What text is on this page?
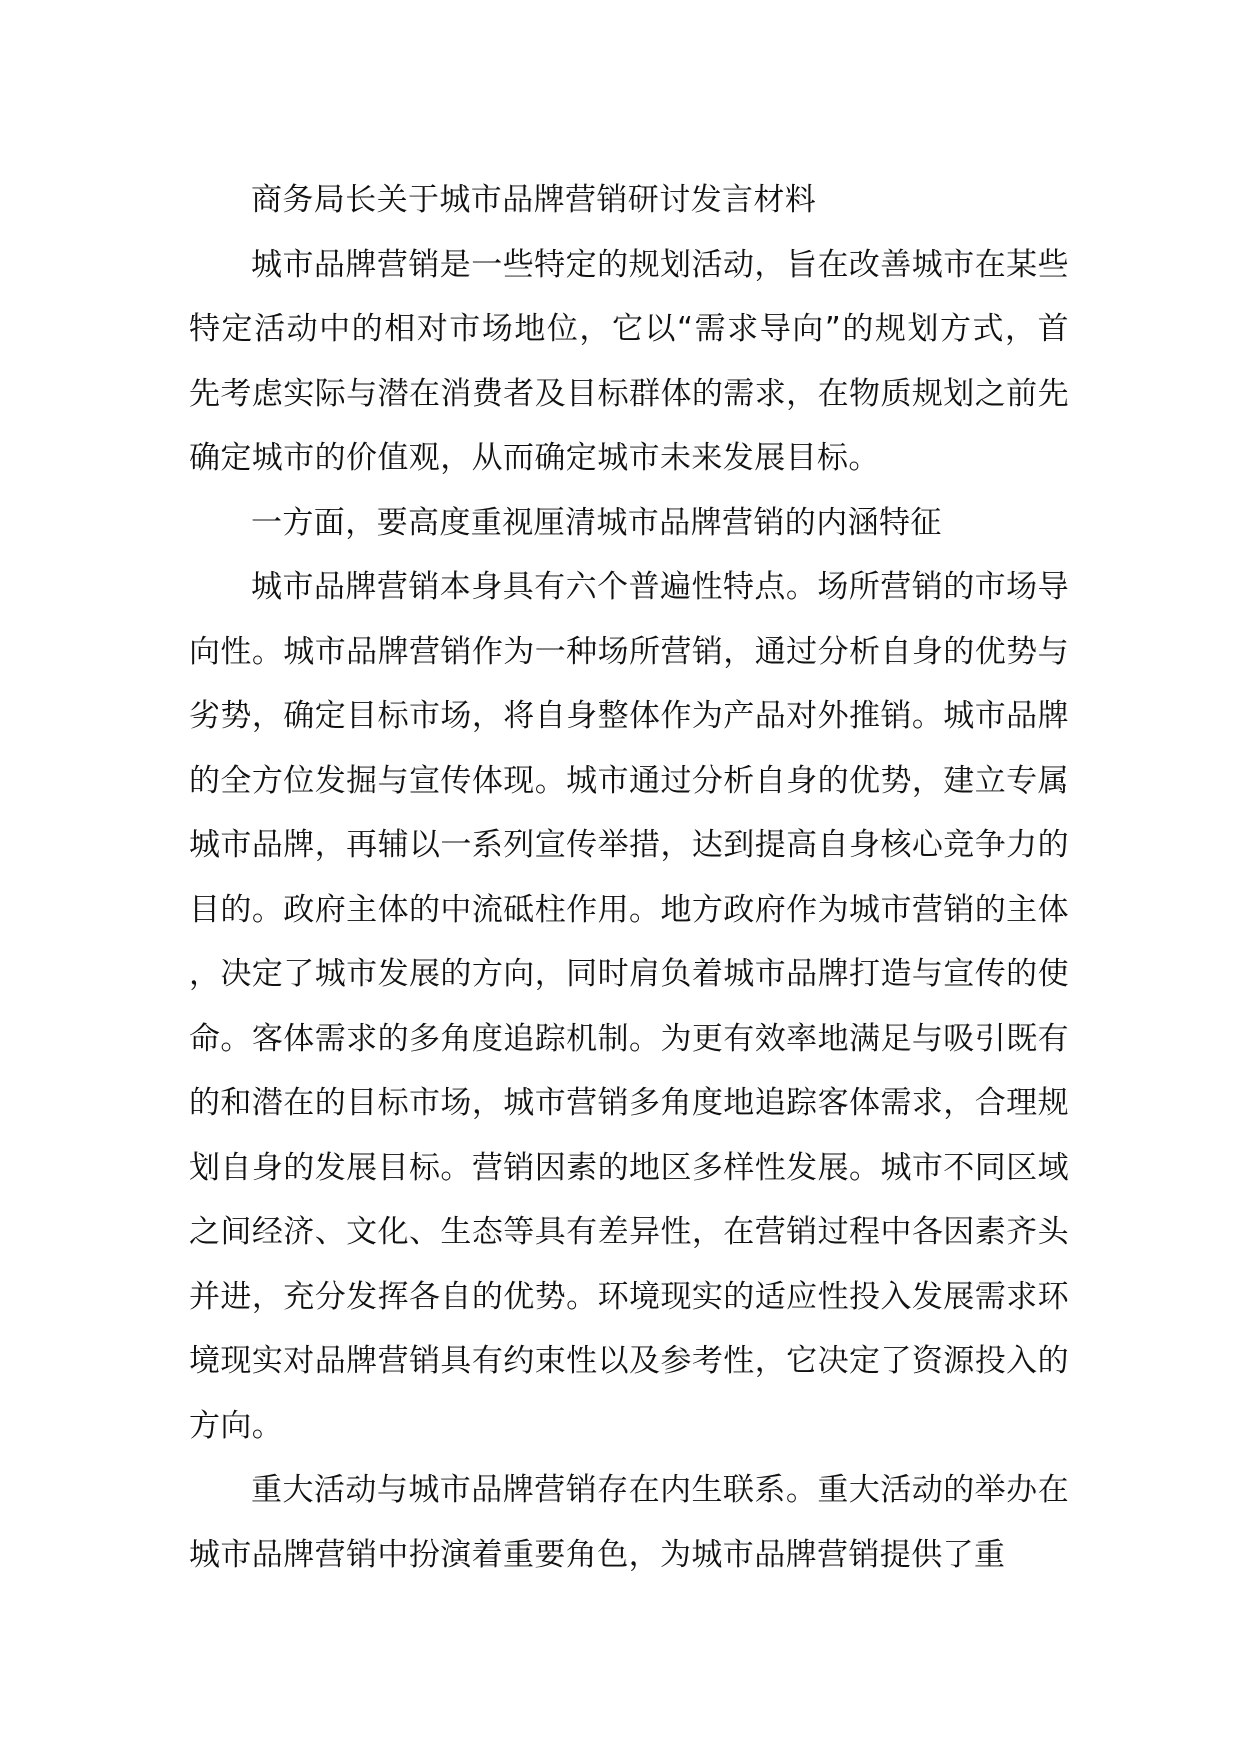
商务局长关于城市品牌营销研讨发言材料

城市品牌营销是一些特定的规划活动，旨在改善城市在某些特定活动中的相对市场地位，它以“需求导向”的规划方式，首先考虑实际与潜在消费者及目标群体的需求，在物质规划之前先确定城市的价值观，从而确定城市未来发展目标。

一方面，要高度重视厘清城市品牌营销的内涵特征

城市品牌营销本身具有六个普遍性特点。场所营销的市场导向性。城市品牌营销作为一种场所营销，通过分析自身的优势与劣势，确定目标市场，将自身整体作为产品对外推销。城市品牌的全方位发掘与宣传体现。城市通过分析自身的优势，建立专属城市品牌，再辅以一系列宣传举措，达到提高自身核心竞争力的目的。政府主体的中流砥柱作用。地方政府作为城市营销的主体，决定了城市发展的方向，同时肩负着城市品牌打造与宣传的使命。客体需求的多角度追踪机制。为更有效率地满足与吸引既有的和潜在的目标市场，城市营销多角度地追踪客体需求，合理规划自身的发展目标。营销因素的地区多样性发展。城市不同区域之间经济、文化、生态等具有差异性，在营销过程中各因素齐头并进，充分发挥各自的优势。环境现实的适应性投入发展需求环境现实对品牌营销具有约束性以及参考性，它决定了资源投入的方向。

重大活动与城市品牌营销存在内生联系。重大活动的举办在城市品牌营销中扮演着重要角色，为城市品牌营销提供了重
